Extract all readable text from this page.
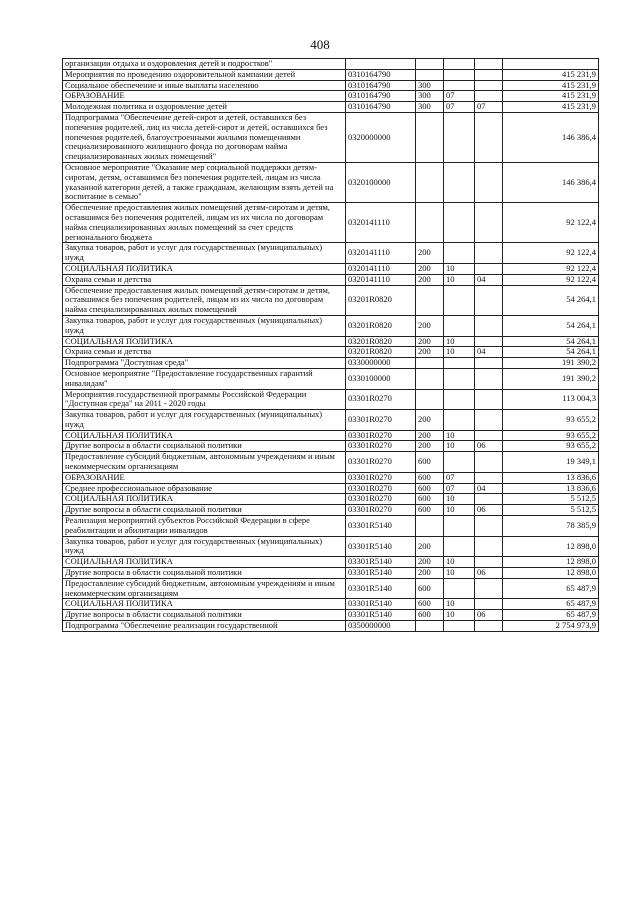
408
организации отдыха и оздоровления детей и подростков"					
Мероприятия по проведению оздоровительной кампании детей	0310164790				415 231,9
Социальное обеспечение и иные выплаты населению	0310164790	300			415 231,9
ОБРАЗОВАНИЕ	0310164790	300	07		415 231,9
Молодежная политика и оздоровление детей	0310164790	300	07	07	415 231,9
Подпрограмма "Обеспечение детей-сирот и детей, оставшихся без попечения родителей, лиц из числа детей-сирот и детей, оставшихся без попечения родителей, благоустроенными жилыми помещениями специализированного жилищного фонда по договорам найма специализированных жилых помещений"	0320000000				146 386,4
Основное мероприятие "Оказание мер социальной поддержки детям-сиротам, детям, оставшимся без попечения родителей, лицам из числа указанной категории детей, а также гражданам, желающим взять детей на воспитание в семью"	0320100000				146 386,4
Обеспечение предоставления жилых помещений детям-сиротам и детям, оставшимся без попечения родителей, лицам из их числа по договорам найма специализированных жилых помещений за счет средств регионального бюджета	0320141110				92 122,4
Закупка товаров, работ и услуг для государственных (муниципальных) нужд	0320141110	200			92 122,4
СОЦИАЛЬНАЯ ПОЛИТИКА	0320141110	200	10		92 122,4
Охрана семьи и детства	0320141110	200	10	04	92 122,4
Обеспечение предоставления жилых помещений детям-сиротам и детям, оставшимся без попечения родителей, лицам из их числа по договорам найма специализированных жилых помещений	03201R0820				54 264,1
Закупка товаров, работ и услуг для государственных (муниципальных) нужд	03201R0820	200			54 264,1
СОЦИАЛЬНАЯ ПОЛИТИКА	03201R0820	200	10		54 264,1
Охрана семьи и детства	03201R0820	200	10	04	54 264,1
Подпрограмма "Доступная среда"	0330000000				191 390,2
Основное мероприятие "Предоставление государственных гарантий инвалидам"	0330100000				191 390,2
Мероприятия государственной программы Российской Федерации "Доступная среда" на 2011 - 2020 годы	03301R0270				113 004,3
Закупка товаров, работ и услуг для государственных (муниципальных) нужд	03301R0270	200			93 655,2
СОЦИАЛЬНАЯ ПОЛИТИКА	03301R0270	200	10		93 655,2
Другие вопросы в области социальной политики	03301R0270	200	10	06	93 655,2
Предоставление субсидий бюджетным, автономным учреждениям и иным некоммерческим организациям	03301R0270	600			19 349,1
ОБРАЗОВАНИЕ	03301R0270	600	07		13 836,6
Среднее профессиональное образование	03301R0270	600	07	04	13 836,6
СОЦИАЛЬНАЯ ПОЛИТИКА	03301R0270	600	10		5 512,5
Другие вопросы в области социальной политики	03301R0270	600	10	06	5 512,5
Реализация мероприятий субъектов Российской Федерации в сфере реабилитации и абилитации инвалидов	03301R5140				78 385,9
Закупка товаров, работ и услуг для государственных (муниципальных) нужд	03301R5140	200			12 898,0
СОЦИАЛЬНАЯ ПОЛИТИКА	03301R5140	200	10		12 898,0
Другие вопросы в области социальной политики	03301R5140	200	10	06	12 898,0
Предоставление субсидий бюджетным, автономным учреждениям и иным некоммерческим организациям	03301R5140	600			65 487,9
СОЦИАЛЬНАЯ ПОЛИТИКА	03301R5140	600	10		65 487,9
Другие вопросы в области социальной политики	03301R5140	600	10	06	65 487,9
Подпрограмма "Обеспечение реализации государственной	0350000000				2 754 973,9
